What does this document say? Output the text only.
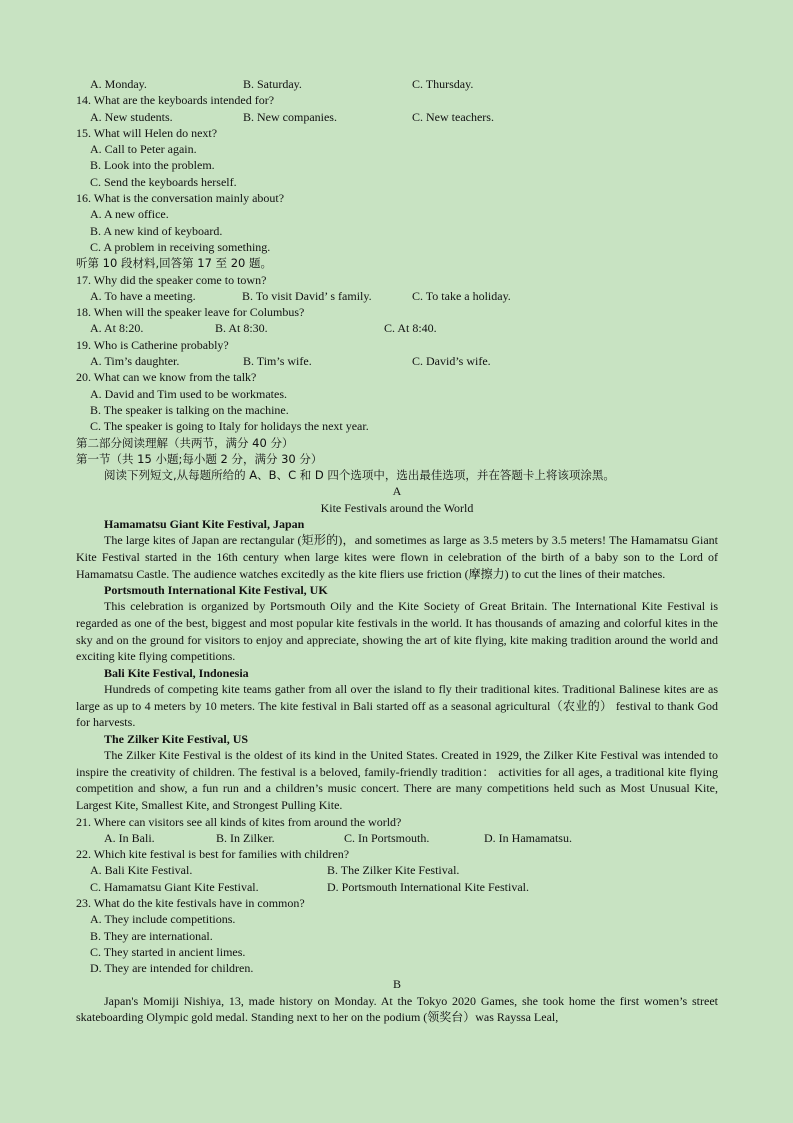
A. Monday.	B. Saturday.	C. Thursday.
14. What are the keyboards intended for?
A. New students.	B. New companies.	C. New teachers.
15. What will Helen do next?
A. Call to Peter again.
B. Look into the problem.
C. Send the keyboards herself.
16. What is the conversation mainly about?
A. A new office.
B. A new kind of keyboard.
C. A problem in receiving something.
听第 10 段材料,回答第 17 至 20 题。
17. Why did the speaker come to town?
A. To have a meeting.	B. To visit David’ s family.	C. To take a holiday.
18. When will the speaker leave for Columbus?
A. At 8:20.	B. At 8:30.	C. At 8:40.
19. Who is Catherine probably?
A. Tim’s daughter.	B. Tim’s wife.	C. David’s wife.
20. What can we know from the talk?
A. David and Tim used to be workmates.
B. The speaker is talking on the machine.
C. The speaker is going to Italy for holidays the next year.
第二部分阅读理解（共两节，满分 40 分）
第一节（共 15 小题;每小题 2 分，满分 30 分）
阅读下列短文,从每题所给的 A、B、C 和 D 四个选项中，选出最佳选项，并在答题卡上将该项涂黑。
A
Kite Festivals around the World
Hamamatsu Giant Kite Festival, Japan
The large kites of Japan are rectangular (矩形的)，and sometimes as large as 3.5 meters by 3.5 meters! The Hamamatsu Giant Kite Festival started in the 16th century when large kites were flown in celebration of the birth of a baby son to the Lord of Hamamatsu Castle. The audience watches excitedly as the kite fliers use friction (摩擦力) to cut the lines of their matches.
Portsmouth International Kite Festival, UK
This celebration is organized by Portsmouth Oily and the Kite Society of Great Britain. The International Kite Festival is regarded as one of the best, biggest and most popular kite festivals in the world. It has thousands of amazing and colorful kites in the sky and on the ground for visitors to enjoy and appreciate, showing the art of kite flying, kite making tradition around the world and exciting kite flying competitions.
Bali Kite Festival, Indonesia
Hundreds of competing kite teams gather from all over the island to fly their traditional kites. Traditional Balinese kites are as large as up to 4 meters by 10 meters. The kite festival in Bali started off as a seasonal agricultural（农业的） festival to thank God for harvests.
The Zilker Kite Festival, US
The Zilker Kite Festival is the oldest of its kind in the United States. Created in 1929, the Zilker Kite Festival was intended to inspire the creativity of children. The festival is a beloved, family-friendly tradition： activities for all ages, a traditional kite flying competition and show, a fun run and a children’s music concert. There are many competitions held such as Most Unusual Kite, Largest Kite, Smallest Kite, and Strongest Pulling Kite.
21. Where can visitors see all kinds of kites from around the world?
A. In Bali.	B. In Zilker.	C. In Portsmouth.	D. In Hamamatsu.
22. Which kite festival is best for families with children?
A. Bali Kite Festival.	B. The Zilker Kite Festival.
C. Hamamatsu Giant Kite Festival.	D. Portsmouth International Kite Festival.
23. What do the kite festivals have in common?
A. They include competitions.
B. They are international.
C. They started in ancient limes.
D. They are intended for children.
B
Japan's Momiji Nishiya, 13, made history on Monday. At the Tokyo 2020 Games, she took home the first women’s street skateboarding Olympic gold medal. Standing next to her on the podium (领奖台）was Rayssa Leal,
